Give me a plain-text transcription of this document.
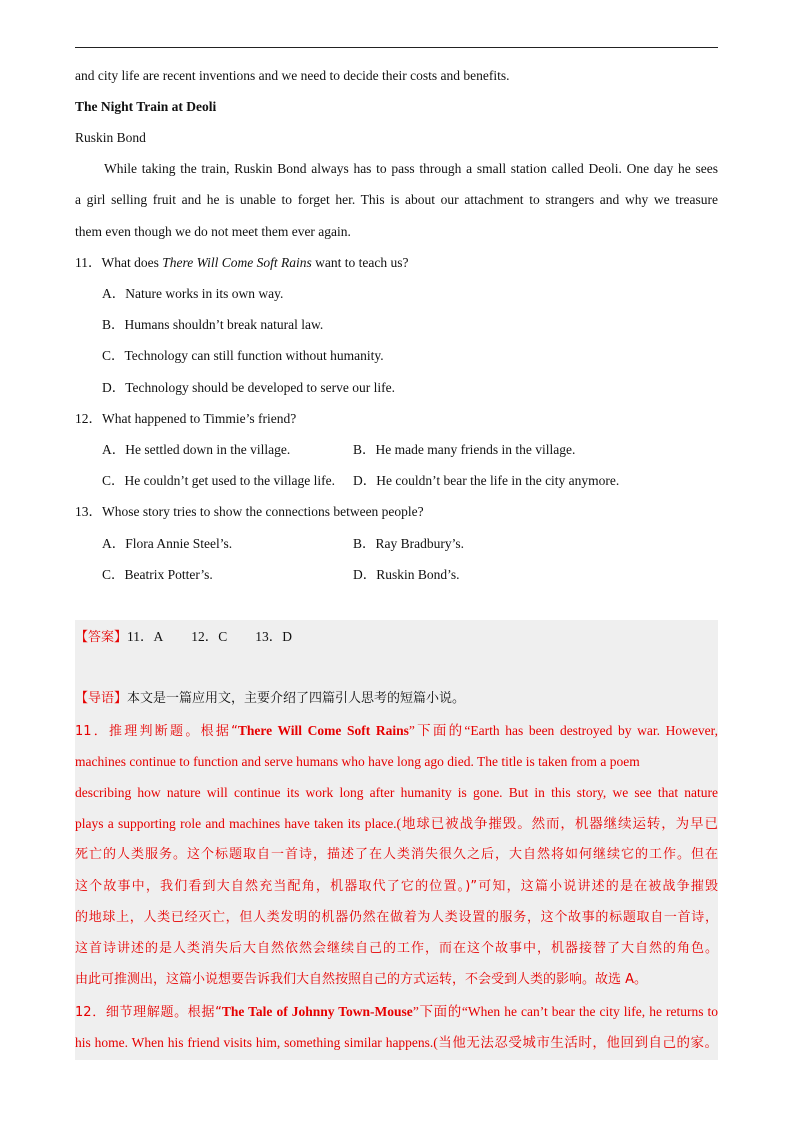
and city life are recent inventions and we need to decide their costs and benefits.
The Night Train at Deoli
Ruskin Bond
While taking the train, Ruskin Bond always has to pass through a small station called Deoli. One day he sees
a girl selling fruit and he is unable to forget her. This is about our attachment to strangers and why we treasure
them even though we do not meet them ever again.
11．What does There Will Come Soft Rains want to teach us?
A．Nature works in its own way.
B．Humans shouldn’t break natural law.
C．Technology can still function without humanity.
D．Technology should be developed to serve our life.
12．What happened to Timmie’s friend?
A．He settled down in the village.	B．He made many friends in the village.
C．He couldn’t get used to the village life. D．He couldn’t bear the life in the city anymore.
13．Whose story tries to show the connections between people?
A．Flora Annie Steel’s.	B．Ray Bradbury’s.
C．Beatrix Potter’s.	D．Ruskin Bond’s.
【答案】11．A 12．C 13．D
【导语】本文是一篇应用文，主要介绍了四篇引人思考的短篇小说。
11．推理判断题。根据“There Will Come Soft Rains”下面的“Earth has been destroyed by war. However,
machines continue to function and serve humans who have long ago died. The title is taken from a poem
describing how nature will continue its work long after humanity is gone. But in this story, we see that nature
plays a supporting role and machines have taken its place.(地球已被战争摧毁。然而，机器继续运转，为早已
死亡的人类服务。这个标题取自一首诗，描述了在人类消失很久之后，大自然将如何继续它的工作。但在
这个故事中，我们看到大自然充当配角，机器取代了它的位置。)”可知，这篇小说讲述的是在被战争摧毁
的地球上，人类已经灭亡，但人类发明的机器仍然在做着为人类设置的服务，这个故事的标题取自一首诗，
这首诗讲述的是人类消失后大自然依然会继续自己的工作，而在这个故事中，机器接替了大自然的角色。
由此可推测出，这篇小说想要告诉我们大自然按照自己的方式运转，不会受到人类的影响。故选 A。
12．细节理解题。根据“The Tale of Johnny Town-Mouse”下面的“When he can’t bear the city life, he returns to
his home. When his friend visits him, something similar happens.(当他无法忍受城市生活时，他回到自己的家。
